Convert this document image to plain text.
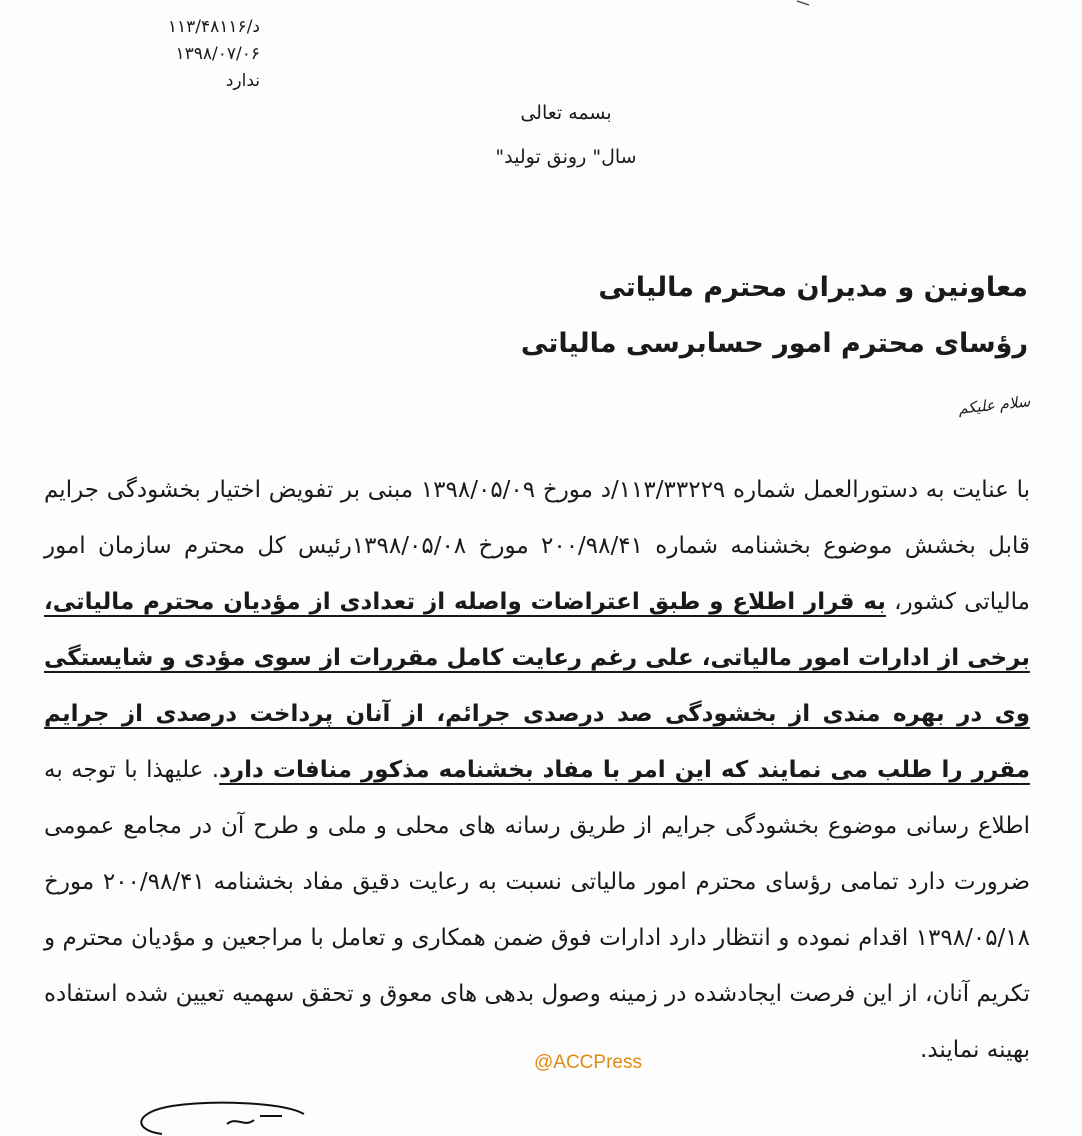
د/۱۱۳/۴۸۱۱۶
۱۳۹۸/۰۷/۰۶
ندارد
بسمه تعالی
سال" رونق تولید"
معاونین و مدیران محترم مالیاتی
رؤسای محترم امور حسابرسی مالیاتی
سلام علیکم

با عنایت به دستورالعمل شماره ۱۱۳/۳۳۲۲۹/د مورخ ۱۳۹۸/۰۵/۰۹ مبنی بر تفویض اختیار بخشودگی جرایم قابل بخشش موضوع بخشنامه شماره ۲۰۰/۹۸/۴۱ مورخ ۱۳۹۸/۰۵/۰۸رئیس کل محترم سازمان امور مالیاتی کشور، به قرار اطلاع و طبق اعتراضات واصله از تعدادی از مؤدیان محترم مالیاتی، برخی از ادارات امور مالیاتی، علی رغم رعایت کامل مقررات از سوی مؤدی و شایستگی وی در بهره مندی از بخشودگی صد درصدی جرائم، از آنان پرداخت درصدی از جرایم مقرر را طلب می نمایند که این امر با مفاد بخشنامه مذکور منافات دارد. علیهذا با توجه به اطلاع رسانی موضوع بخشودگی جرایم از طریق رسانه های محلی و ملی و طرح آن در مجامع عمومی ضرورت دارد تمامی رؤسای محترم امور مالیاتی نسبت به رعایت دقیق مفاد بخشنامه ۲۰۰/۹۸/۴۱ مورخ ۱۳۹۸/۰۵/۱۸ اقدام نموده و انتظار دارد ادارات فوق ضمن همکاری و تعامل با مراجعین و مؤدیان محترم و تکریم آنان، از این فرصت ایجادشده در زمینه وصول بدهی های معوق و تحقق سهمیه تعیین شده استفاده بهینه نمایند.

@ACCPress
